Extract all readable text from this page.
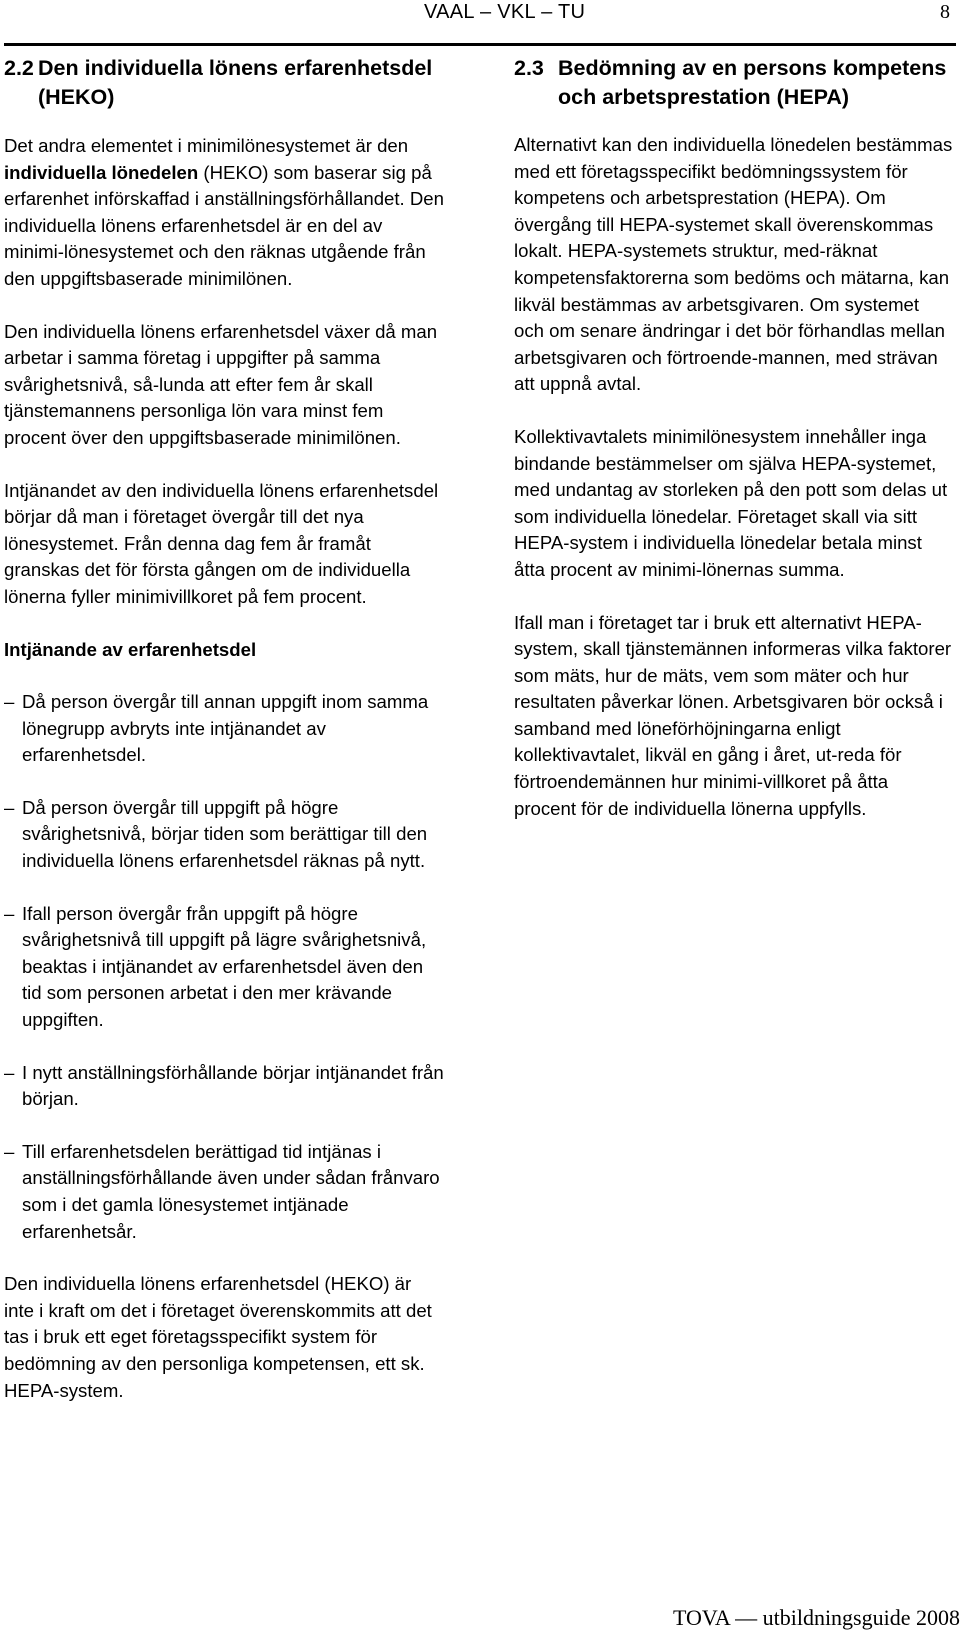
VAAL – VKL – TU	8
2.2 Den individuella lönens erfarenhetsdel (HEKO)

Det andra elementet i minimilönesystemet är den individuella lönedelen (HEKO) som baserar sig på erfarenhet införskaffad i anställningsförhållandet. Den individuella lönens erfarenhetsdel är en del av minimi-lönesystemet och den räknas utgående från den uppgiftsbaserade minimilönen.

Den individuella lönens erfarenhetsdel växer då man arbetar i samma företag i uppgifter på samma svårighetsnivå, så-lunda att efter fem år skall tjänstemannens personliga lön vara minst fem procent över den uppgiftsbaserade minimilönen.

Intjänandet av den individuella lönens erfarenhetsdel börjar då man i företaget övergår till det nya lönesystemet. Från denna dag fem år framåt granskas det för första gången om de individuella lönerna fyller minimivillkoret på fem procent.

Intjänande av erfarenhetsdel
– Då person övergår till annan uppgift inom samma lönegrupp avbryts inte intjänandet av erfarenhetsdel.
– Då person övergår till uppgift på högre svårighetsnivå, börjar tiden som berättigar till den individuella lönens erfarenhetsdel räknas på nytt.
– Ifall person övergår från uppgift på högre svårighetsnivå till uppgift på lägre svårighetsnivå, beaktas i intjänandet av erfarenhetsdel även den tid som personen arbetat i den mer krävande uppgiften.
– I nytt anställningsförhållande börjar intjänandet från början.
– Till erfarenhetsdelen berättigad tid intjänas i anställningsförhållande även under sådan frånvaro som i det gamla lönesystemet intjänade erfarenhetsår.

Den individuella lönens erfarenhetsdel (HEKO) är inte i kraft om det i företaget överenskommits att det tas i bruk ett eget företagsspecifikt system för bedömning av den personliga kompetensen, ett sk. HEPA-system.

2.3 Bedömning av en persons kompetens och arbetsprestation (HEPA)

Alternativt kan den individuella lönedelen bestämmas med ett företagsspecifikt bedömningssystem för kompetens och arbetsprestation (HEPA). Om övergång till HEPA-systemet skall överenskommas lokalt. HEPA-systemets struktur, med-räknat kompetensfaktorerna som bedöms och mätarna, kan likväl bestämmas av arbetsgivaren. Om systemet och om senare ändringar i det bör förhandlas mellan arbetsgivaren och förtroende-mannen, med strävan att uppnå avtal.

Kollektivavtalets minimilönesystem innehåller inga bindande bestämmelser om själva HEPA-systemet, med undantag av storleken på den pott som delas ut som individuella lönedelar. Företaget skall via sitt HEPA-system i individuella lönedelar betala minst åtta procent av minimi-lönernas summa.

Ifall man i företaget tar i bruk ett alternativt HEPA-system, skall tjänstemännen informeras vilka faktorer som mäts, hur de mäts, vem som mäter och hur resultaten påverkar lönen. Arbetsgivaren bör också i samband med löneförhöjningarna enligt kollektivavtalet, likväl en gång i året, ut-reda för förtroendemännen hur minimi-villkoret på åtta procent för de individuella lönerna uppfylls.

TOVA — utbildningsguide 2008
